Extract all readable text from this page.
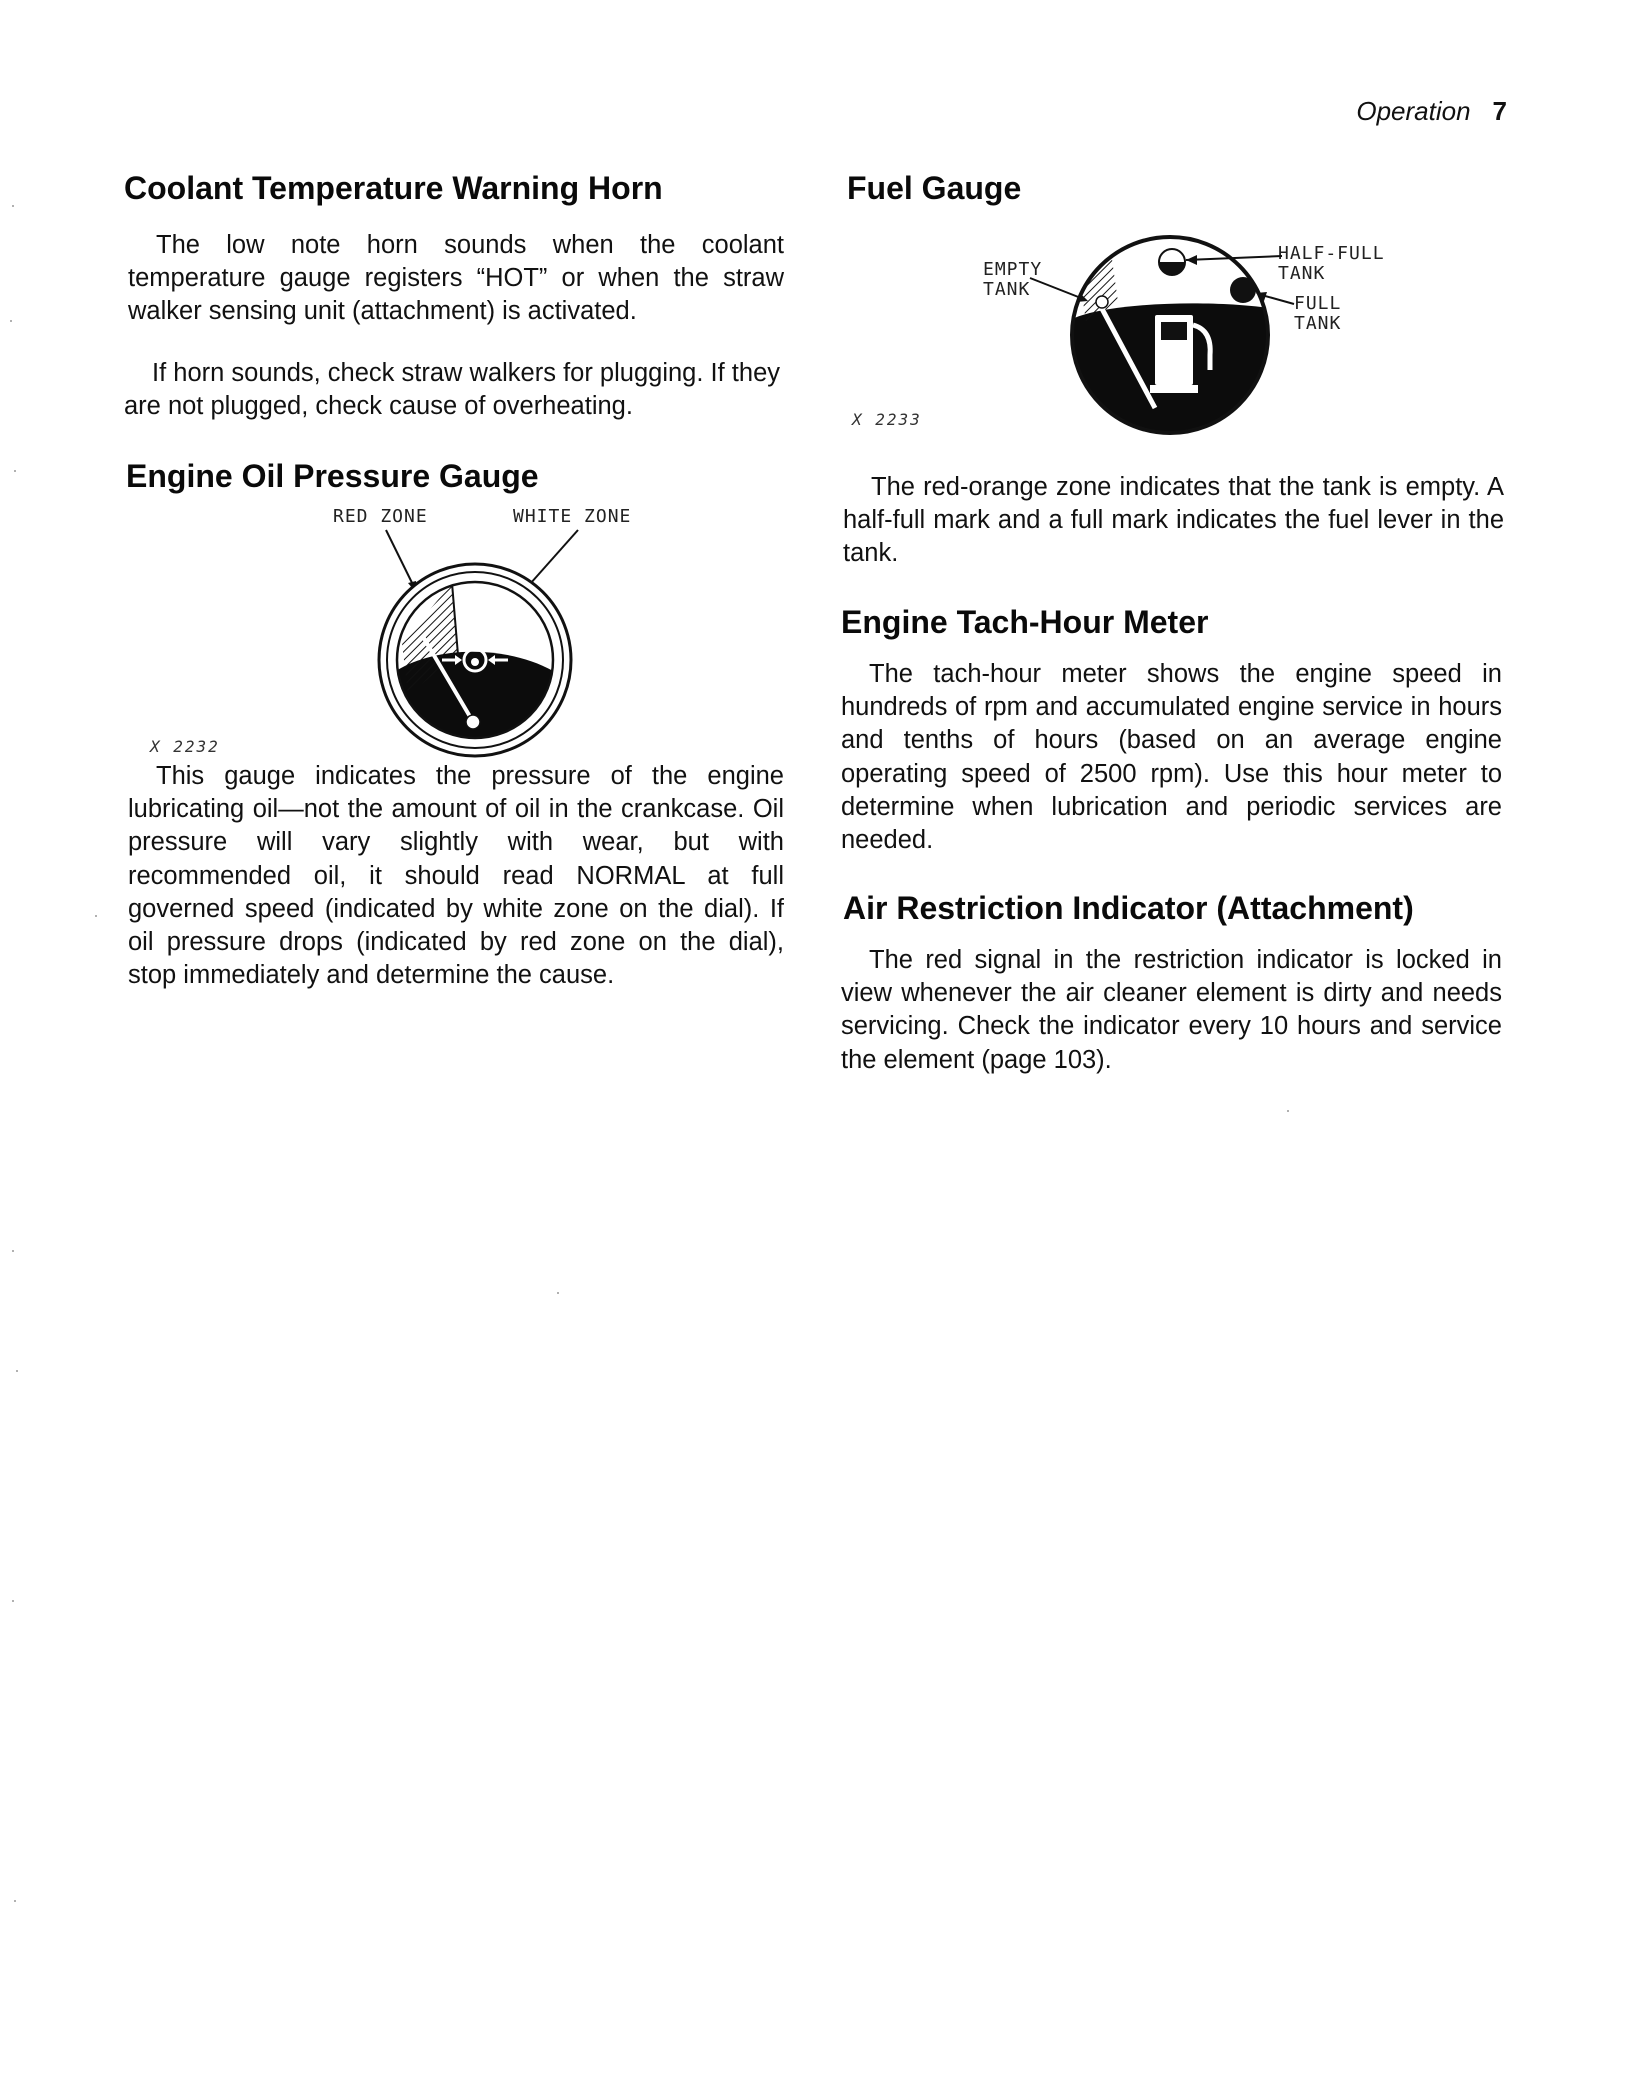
Operation 7
Coolant Temperature Warning Horn

The low note horn sounds when the coolant temperature gauge registers “HOT” or when the straw walker sensing unit (attachment) is activated.

If horn sounds, check straw walkers for plugging. If they are not plugged, check cause of overheating.

Engine Oil Pressure Gauge
RED ZONE	WHITE ZONE
X 2232

This gauge indicates the pressure of the engine lubricating oil—not the amount of oil in the crankcase. Oil pressure will vary slightly with wear, but with recommended oil, it should read NORMAL at full governed speed (indicated by white zone on the dial). If oil pressure drops (indicated by red zone on the dial), stop immediately and determine the cause.

Fuel Gauge
EMPTY
TANK
HALF-FULL
TANK
FULL
TANK
X 2233

The red-orange zone indicates that the tank is empty. A half-full mark and a full mark indicates the fuel lever in the tank.

Engine Tach-Hour Meter

The tach-hour meter shows the engine speed in hundreds of rpm and accumulated engine service in hours and tenths of hours (based on an average engine operating speed of 2500 rpm). Use this hour meter to determine when lubrication and periodic services are needed.

Air Restriction Indicator (Attachment)

The red signal in the restriction indicator is locked in view whenever the air cleaner element is dirty and needs servicing. Check the indicator every 10 hours and service the element (page 103).
